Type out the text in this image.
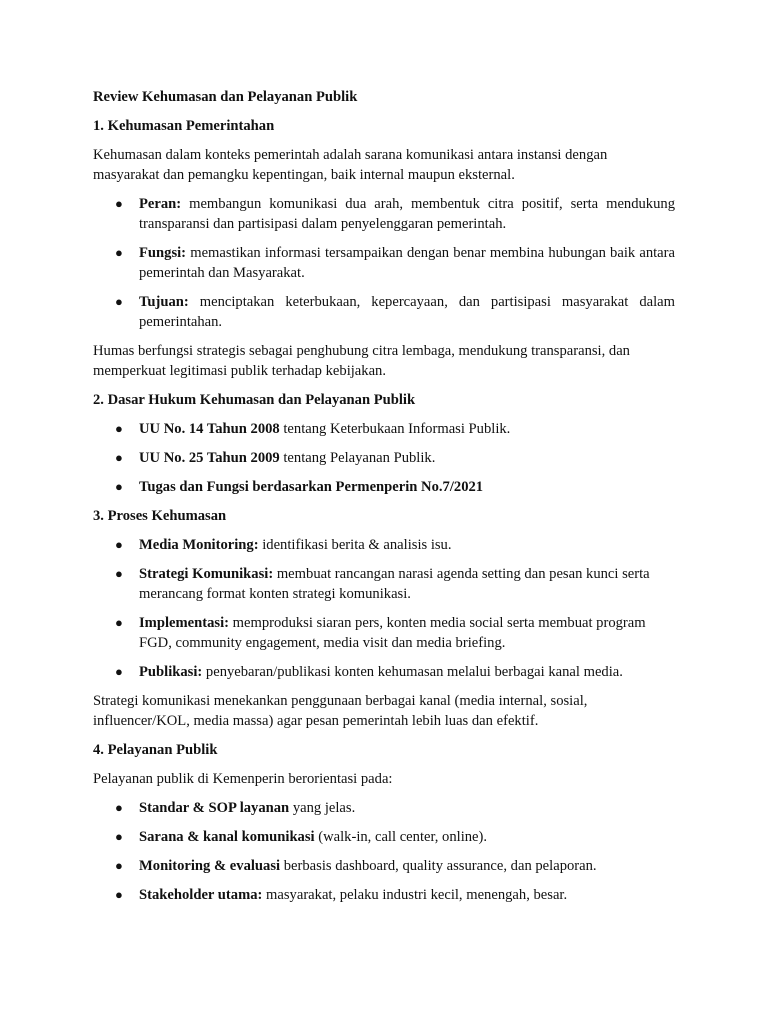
Review Kehumasan dan Pelayanan Publik
1. Kehumasan Pemerintahan

Kehumasan dalam konteks pemerintah adalah sarana komunikasi antara instansi dengan masyarakat dan pemangku kepentingan, baik internal maupun eksternal.

● Peran: membangun komunikasi dua arah, membentuk citra positif, serta mendukung transparansi dan partisipasi dalam penyelenggaran pemerintah.
● Fungsi: memastikan informasi tersampaikan dengan benar membina hubungan baik antara pemerintah dan Masyarakat.
● Tujuan: menciptakan keterbukaan, kepercayaan, dan partisipasi masyarakat dalam pemerintahan.

Humas berfungsi strategis sebagai penghubung citra lembaga, mendukung transparansi, dan memperkuat legitimasi publik terhadap kebijakan.

2. Dasar Hukum Kehumasan dan Pelayanan Publik
● UU No. 14 Tahun 2008 tentang Keterbukaan Informasi Publik.
● UU No. 25 Tahun 2009 tentang Pelayanan Publik.
● Tugas dan Fungsi berdasarkan Permenperin No.7/2021
3. Proses Kehumasan
● Media Monitoring: identifikasi berita & analisis isu.
● Strategi Komunikasi: membuat rancangan narasi agenda setting dan pesan kunci serta merancang format konten strategi komunikasi.
● Implementasi: memproduksi siaran pers, konten media social serta membuat program FGD, community engagement, media visit dan media briefing.
● Publikasi: penyebaran/publikasi konten kehumasan melalui berbagai kanal media.

Strategi komunikasi menekankan penggunaan berbagai kanal (media internal, sosial, influencer/KOL, media massa) agar pesan pemerintah lebih luas dan efektif.

4. Pelayanan Publik

Pelayanan publik di Kemenperin berorientasi pada:

● Standar & SOP layanan yang jelas.
● Sarana & kanal komunikasi (walk-in, call center, online).
● Monitoring & evaluasi berbasis dashboard, quality assurance, dan pelaporan.
● Stakeholder utama: masyarakat, pelaku industri kecil, menengah, besar.
